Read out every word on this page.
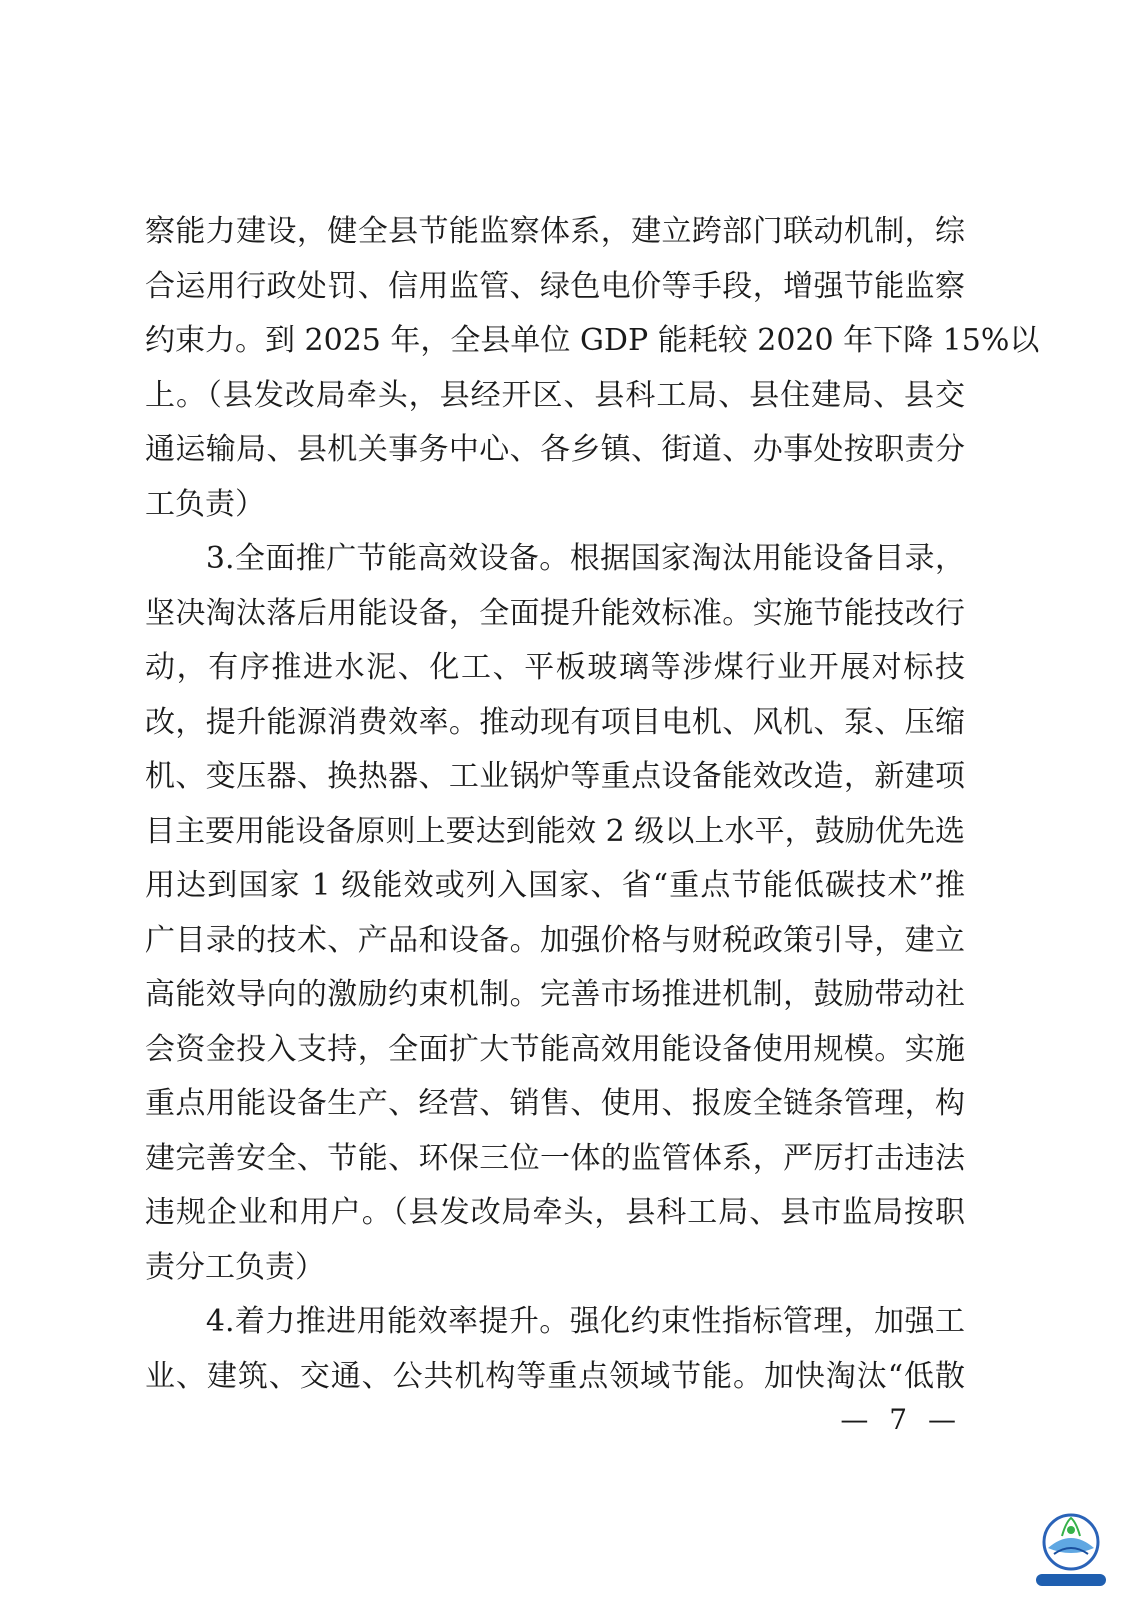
察能力建设，健全县节能监察体系，建立跨部门联动机制，综
合运用行政处罚、信用监管、绿色电价等手段，增强节能监察
约束力。到 2025 年，全县单位 GDP 能耗较 2020 年下降 15%以
上。（县发改局牵头，县经开区、县科工局、县住建局、县交
通运输局、县机关事务中心、各乡镇、街道、办事处按职责分
工负责）
　　3.全面推广节能高效设备。根据国家淘汰用能设备目录，
坚决淘汰落后用能设备，全面提升能效标准。实施节能技改行
动，有序推进水泥、化工、平板玻璃等涉煤行业开展对标技
改，提升能源消费效率。推动现有项目电机、风机、泵、压缩
机、变压器、换热器、工业锅炉等重点设备能效改造，新建项
目主要用能设备原则上要达到能效 2 级以上水平，鼓励优先选
用达到国家 1 级能效或列入国家、省“重点节能低碳技术”推
广目录的技术、产品和设备。加强价格与财税政策引导，建立
高能效导向的激励约束机制。完善市场推进机制，鼓励带动社
会资金投入支持，全面扩大节能高效用能设备使用规模。实施
重点用能设备生产、经营、销售、使用、报废全链条管理，构
建完善安全、节能、环保三位一体的监管体系，严厉打击违法
违规企业和用户。（县发改局牵头，县科工局、县市监局按职
责分工负责）
　　4.着力推进用能效率提升。强化约束性指标管理，加强工
业、建筑、交通、公共机构等重点领域节能。加快淘汰“低散
— 7 —
